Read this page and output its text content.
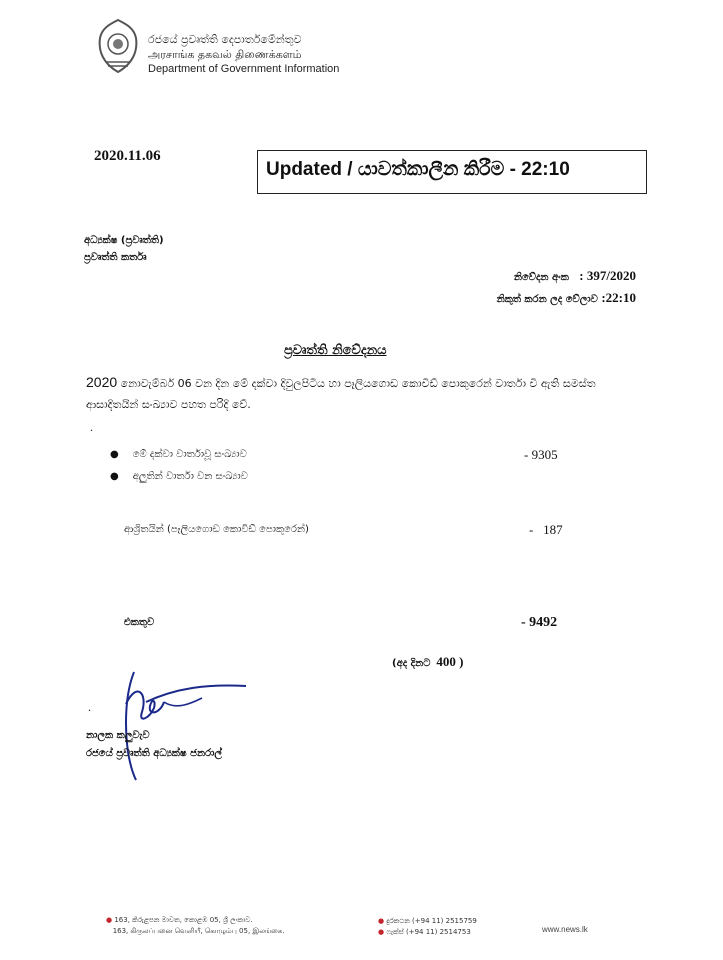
රජයේ ප්‍රවෘත්ති දෙපාර්තමේන්තුව
அரசாங்க தகவல் திணைக்களம்
Department of Government Information
2020.11.06
Updated / යාවත්කාලීන කිරීම - 22:10
අධ්‍යක්ෂ (ප්‍රවෘත්ති)
ප්‍රවෘත්ති කර්තෘ
නිවේදන අංක : 397/2020
නිකුත් කරන ලද වේලාව :22:10
ප්‍රවෘත්ති නිවේදනය
2020 නොවැම්බර් 06 වන දින මේ දක්වා දිවුලපිටිය හා පෑලියගොඩ කොවිඩ් පොකුරෙන් වාර්තා වී ඇති සමස්ත ආසාදිතයින් සංඛ්‍යාව පහත පරිදි වේ.
.
● මේ දක්වා වාර්තාවූ සංඛ්‍යාව	- 9305
● අලුතින් වාර්තා වන සංඛ්‍යාව
ආශ්‍රිතයින් (පෑලියගොඩ කොවිඩ් පොකුරෙන්)	-   187
එකතුව	- 9492
(අද දිනට 400 )
.
නාලක කලුවැව
රජයේ ප්‍රවෘත්ති අධ්‍යක්ෂ ජනරාල්
● 163, කිරුළපන මාවත, කොළඹ 05, ශ්‍රී ලංකාව.
163, கிருலப்பனை வெளியீ, கொழும்பு 05, இலங்கை.
● දුරකථන (+94 11) 2515759
● ෆැක්ස් (+94 11) 2514753	www.news.lk
